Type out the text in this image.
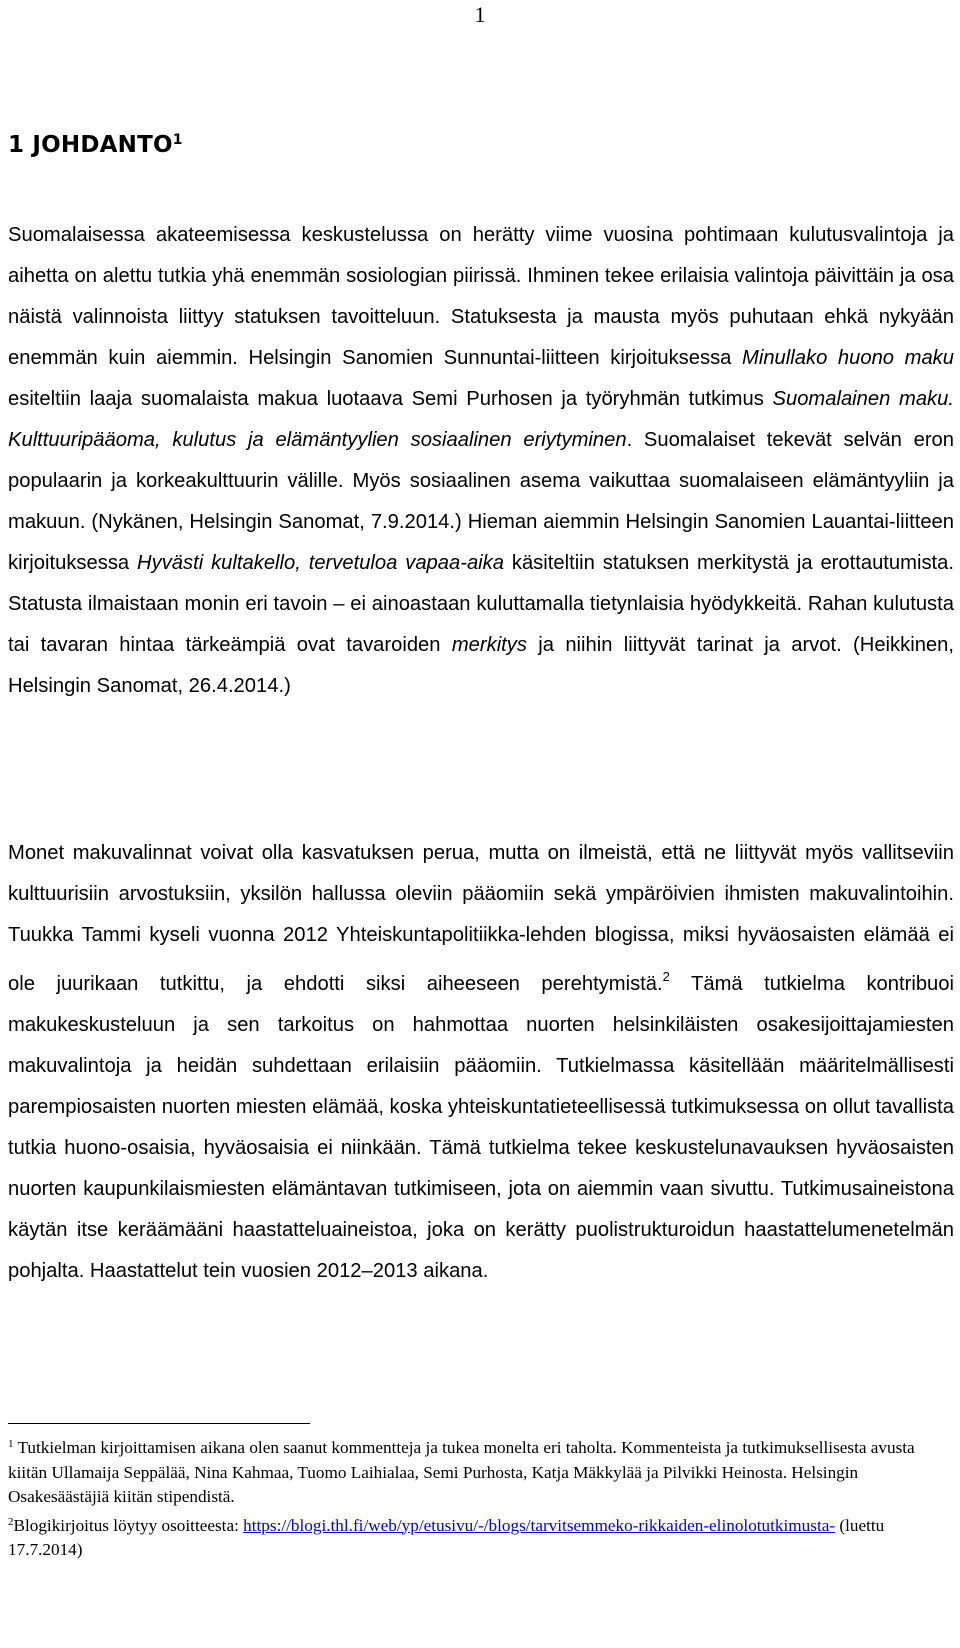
1
1 JOHDANTO$^1$

Suomalaisessa akateemisessa keskustelussa on herätty viime vuosina pohtimaan kulutusvalintoja ja aihetta on alettu tutkia yhä enemmän sosiologian piirissä. Ihminen tekee erilaisia valintoja päivittäin ja osa näistä valinnoista liittyy statuksen tavoitteluun. Statuksesta ja mausta myös puhutaan ehkä nykyään enemmän kuin aiemmin. Helsingin Sanomien Sunnuntai-liitteen kirjoituksessa Minullako huono maku esiteltiin laaja suomalaista makua luotaava Semi Purhosen ja työryhmän tutkimus Suomalainen maku. Kulttuuripääoma, kulutus ja elämäntyylien sosiaalinen eriytyminen. Suomalaiset tekevät selvän eron populaarin ja korkeakulttuurin välille. Myös sosiaalinen asema vaikuttaa suomalaiseen elämäntyyliin ja makuun. (Nykänen, Helsingin Sanomat, 7.9.2014.) Hieman aiemmin Helsingin Sanomien Lauantai-liitteen kirjoituksessa Hyvästi kultakello, tervetuloa vapaa-aika käsiteltiin statuksen merkitystä ja erottautumista. Statusta ilmaistaan monin eri tavoin – ei ainoastaan kuluttamalla tietynlaisia hyödykkeitä. Rahan kulutusta tai tavaran hintaa tärkeämpiä ovat tavaroiden merkitys ja niihin liittyvät tarinat ja arvot. (Heikkinen, Helsingin Sanomat, 26.4.2014.)

Monet makuvalinnat voivat olla kasvatuksen perua, mutta on ilmeistä, että ne liittyvät myös vallitseviin kulttuurisiin arvostuksiin, yksilön hallussa oleviin pääomiin sekä ympäröivien ihmisten makuvalintoihin. Tuukka Tammi kyseli vuonna 2012 Yhteiskuntapolitiikka-lehden blogissa, miksi hyväosaisten elämää ei ole juurikaan tutkittu, ja ehdotti siksi aiheeseen perehtymistä.$^2$ Tämä tutkielma kontribuoi makukeskusteluun ja sen tarkoitus on hahmottaa nuorten helsinkiläisten osakesijoittajamiesten makuvalintoja ja heidän suhdettaan erilaisiin pääomiin. Tutkielmassa käsitellään määritelmällisesti parempiosaisten nuorten miesten elämää, koska yhteiskuntatieteellisessä tutkimuksessa on ollut tavallista tutkia huono-osaisia, hyväosaisia ei niinkään. Tämä tutkielma tekee keskustelunavauksen hyväosaisten nuorten kaupunkilaismiesten elämäntavan tutkimiseen, jota on aiemmin vaan sivuttu. Tutkimusaineistona käytän itse keräämääni haastatteluaineistoa, joka on kerätty puolistrukturoidun haastattelumenetelmän pohjalta. Haastattelut tein vuosien 2012–2013 aikana.

$^1$ Tutkielman kirjoittamisen aikana olen saanut kommentteja ja tukea monelta eri taholta. Kommenteista ja tutkimuksellisesta avusta kiitän Ullamaija Seppälää, Nina Kahmaa, Tuomo Laihialaa, Semi Purhosta, Katja Mäkkylää ja Pilvikki Heinosta. Helsingin Osakesäästäjiä kiitän stipendistä.

$^2$Blogikirjoitus löytyy osoitteesta: https://blogi.thl.fi/web/yp/etusivu/-/blogs/tarvitsemmeko-rikkaiden-elinolotutkimusta- (luettu 17.7.2014)
